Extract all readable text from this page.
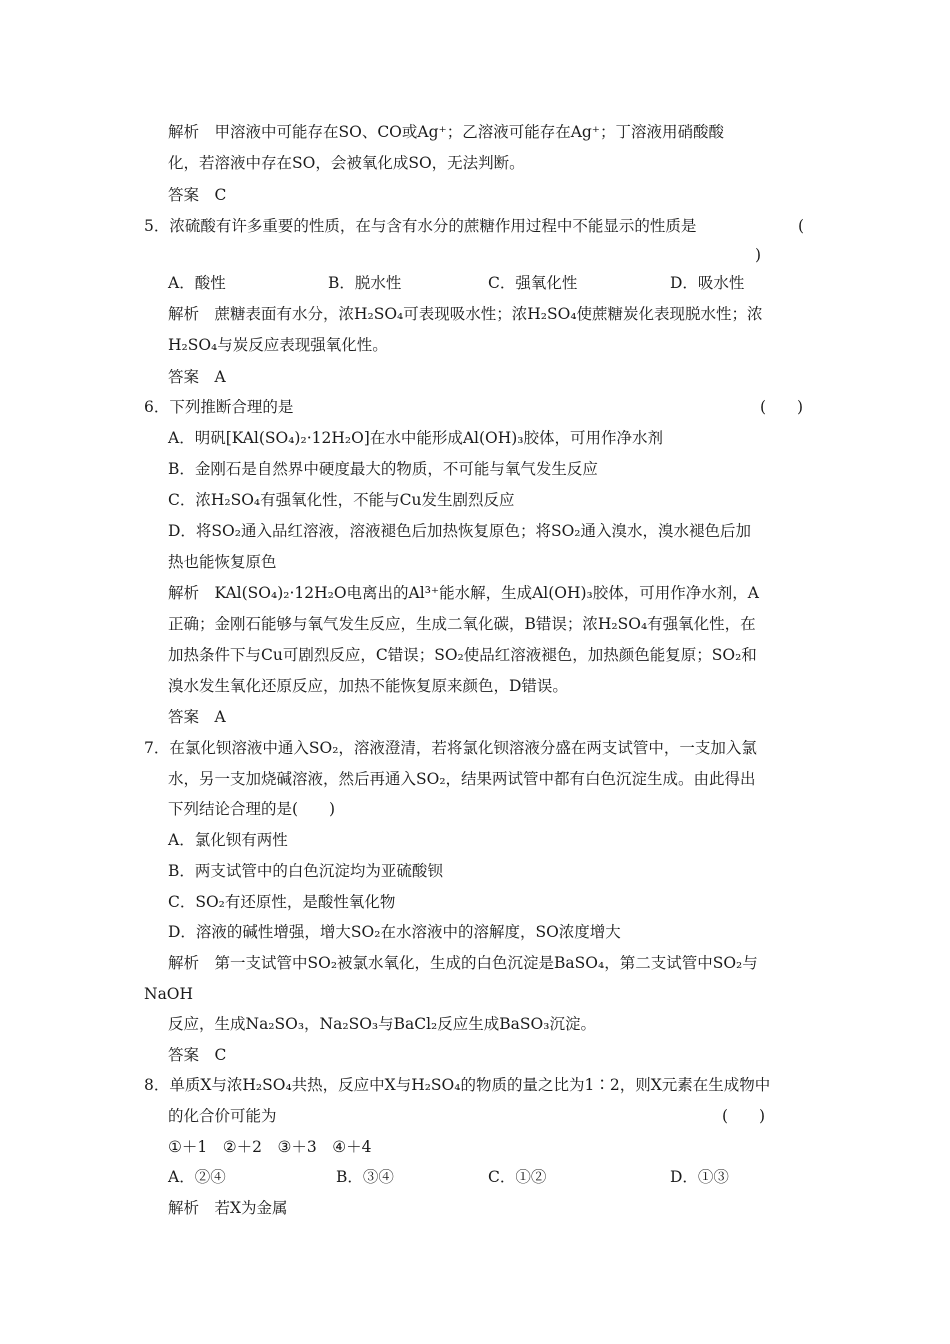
解析　甲溶液中可能存在SO、CO或Ag⁺；乙溶液可能存在Ag⁺；丁溶液用硝酸酸
化，若溶液中存在SO，会被氧化成SO，无法判断。
答案　C
5．浓硫酸有许多重要的性质，在与含有水分的蔗糖作用过程中不能显示的性质是	(
)
A．酸性	B．脱水性	C．强氧化性	D．吸水性
解析　蔗糖表面有水分，浓H₂SO₄可表现吸水性；浓H₂SO₄使蔗糖炭化表现脱水性；浓
H₂SO₄与炭反应表现强氧化性。
答案　A
6．下列推断合理的是	(　　)
A．明矾[KAl(SO₄)₂·12H₂O]在水中能形成Al(OH)₃胶体，可用作净水剂
B．金刚石是自然界中硬度最大的物质，不可能与氧气发生反应
C．浓H₂SO₄有强氧化性，不能与Cu发生剧烈反应
D．将SO₂通入品红溶液，溶液褪色后加热恢复原色；将SO₂通入溴水，溴水褪色后加
热也能恢复原色
解析　KAl(SO₄)₂·12H₂O电离出的Al³⁺能水解，生成Al(OH)₃胶体，可用作净水剂，A
正确；金刚石能够与氧气发生反应，生成二氧化碳，B错误；浓H₂SO₄有强氧化性，在
加热条件下与Cu可剧烈反应，C错误；SO₂使品红溶液褪色，加热颜色能复原；SO₂和
溴水发生氧化还原反应，加热不能恢复原来颜色，D错误。
答案　A
7．在氯化钡溶液中通入SO₂，溶液澄清，若将氯化钡溶液分盛在两支试管中，一支加入氯
水，另一支加烧碱溶液，然后再通入SO₂，结果两试管中都有白色沉淀生成。由此得出
下列结论合理的是(　　)
A．氯化钡有两性
B．两支试管中的白色沉淀均为亚硫酸钡
C．SO₂有还原性，是酸性氧化物
D．溶液的碱性增强，增大SO₂在水溶液中的溶解度，SO浓度增大
解析　第一支试管中SO₂被氯水氧化，生成的白色沉淀是BaSO₄，第二支试管中SO₂与
NaOH
反应，生成Na₂SO₃，Na₂SO₃与BaCl₂反应生成BaSO₃沉淀。
答案　C
8．单质X与浓H₂SO₄共热，反应中X与H₂SO₄的物质的量之比为1∶2，则X元素在生成物中
的化合价可能为	(　　)
①＋1　②＋2　③＋3　④＋4
A．②④	B．③④	C．①②	D．①③
解析　若X为金属
